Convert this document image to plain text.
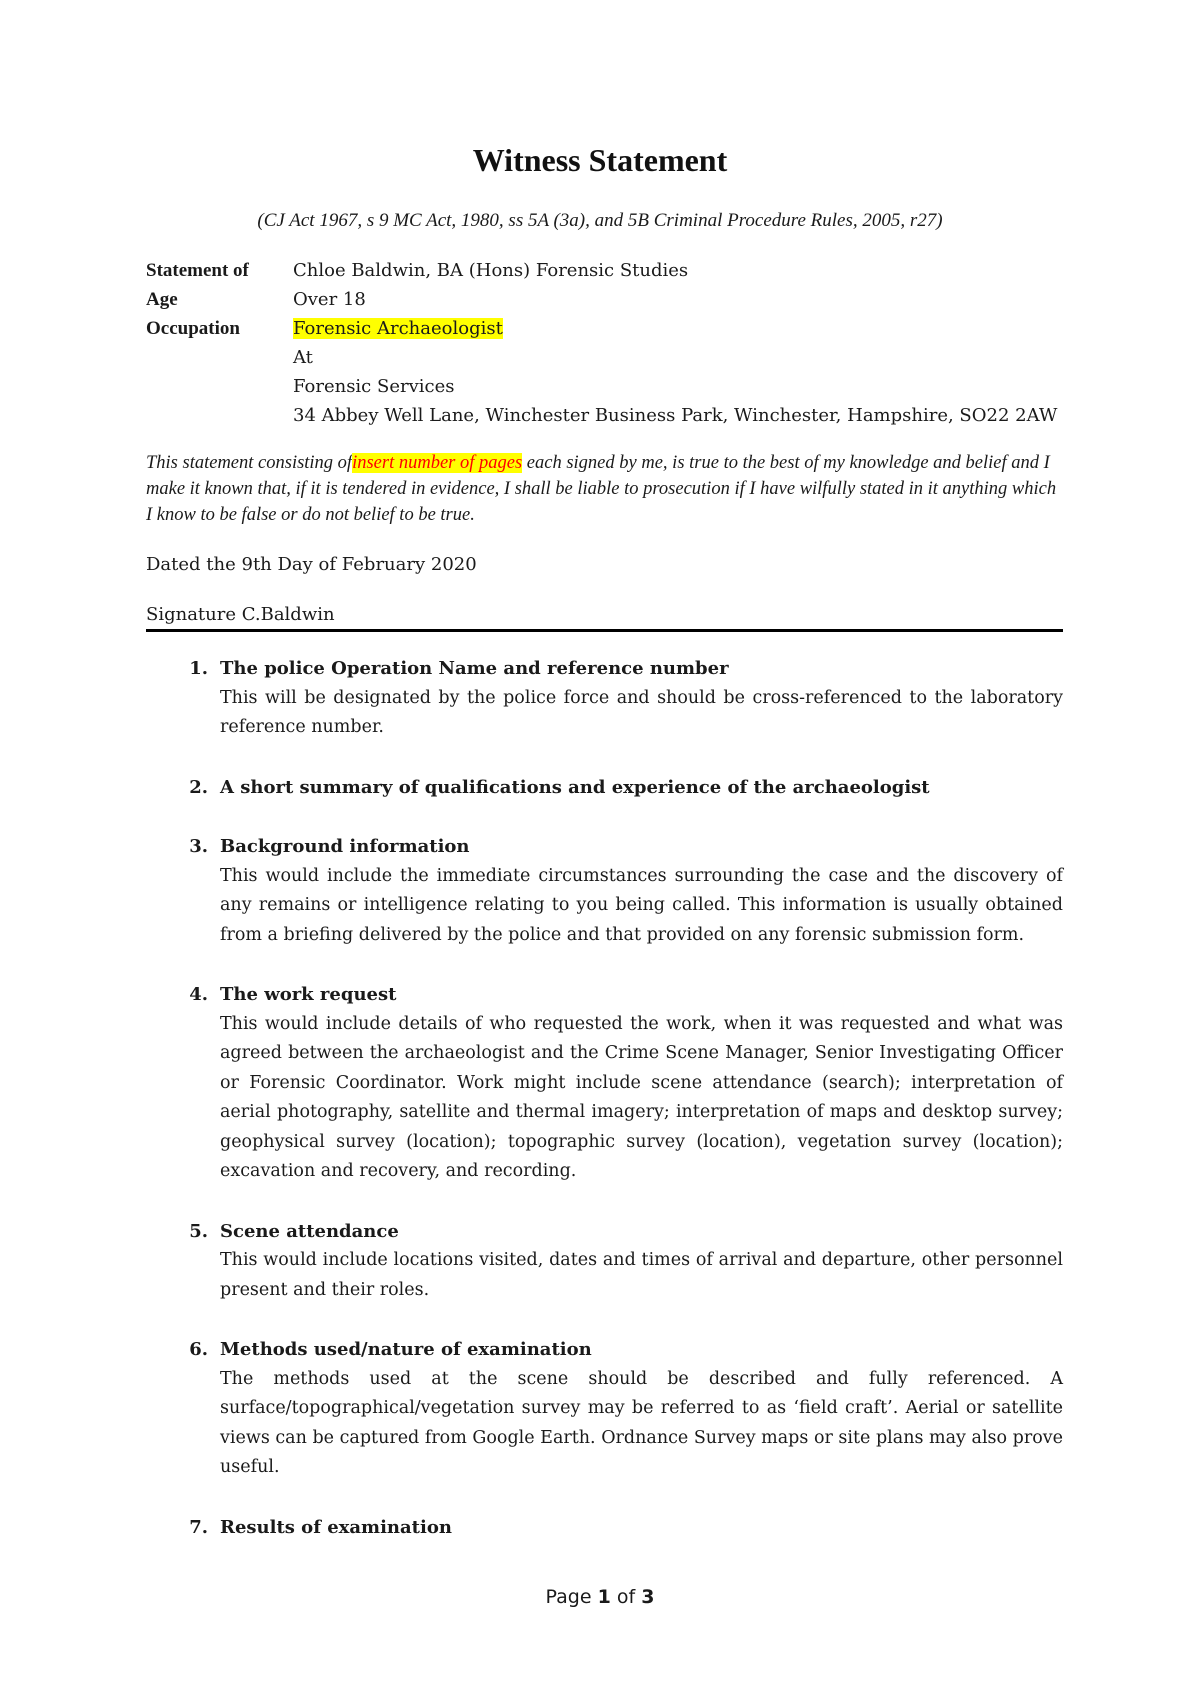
Witness Statement
(CJ Act 1967, s 9 MC Act, 1980, ss 5A (3a), and 5B Criminal Procedure Rules, 2005, r27)
Statement of	Chloe Baldwin, BA (Hons) Forensic Studies
Age	Over 18
Occupation	Forensic Archaeologist
At
Forensic Services
34 Abbey Well Lane, Winchester Business Park, Winchester, Hampshire, SO22 2AW
This statement consisting ofinsert number of pages each signed by me, is true to the best of my knowledge and belief and I make it known that, if it is tendered in evidence, I shall be liable to prosecution if I have wilfully stated in it anything which I know to be false or do not belief to be true.
Dated the 9th Day of February 2020
Signature C.Baldwin
1. The police Operation Name and reference number
This will be designated by the police force and should be cross-referenced to the laboratory reference number.
2. A short summary of qualifications and experience of the archaeologist
3. Background information
This would include the immediate circumstances surrounding the case and the discovery of any remains or intelligence relating to you being called. This information is usually obtained from a briefing delivered by the police and that provided on any forensic submission form.
4. The work request
This would include details of who requested the work, when it was requested and what was agreed between the archaeologist and the Crime Scene Manager, Senior Investigating Officer or Forensic Coordinator. Work might include scene attendance (search); interpretation of aerial photography, satellite and thermal imagery; interpretation of maps and desktop survey; geophysical survey (location); topographic survey (location), vegetation survey (location); excavation and recovery, and recording.
5. Scene attendance
This would include locations visited, dates and times of arrival and departure, other personnel present and their roles.
6. Methods used/nature of examination
The methods used at the scene should be described and fully referenced. A surface/topographical/vegetation survey may be referred to as ‘field craft’. Aerial or satellite views can be captured from Google Earth. Ordnance Survey maps or site plans may also prove useful.
7. Results of examination
Page 1 of 3
